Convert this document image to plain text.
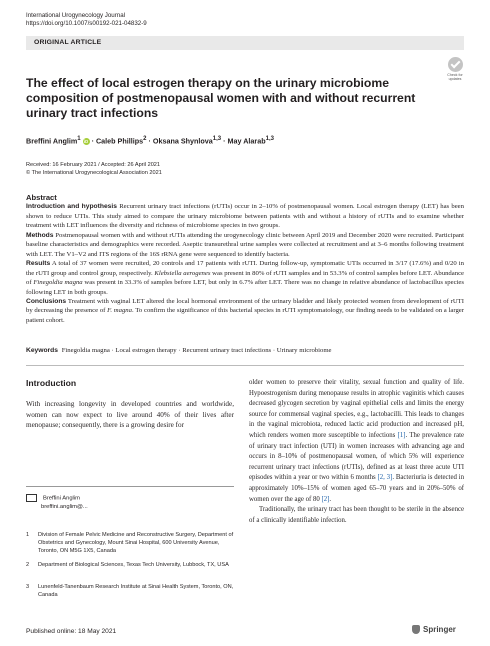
International Urogynecology Journal
https://doi.org/10.1007/s00192-021-04832-9
ORIGINAL ARTICLE
Check for updates
The effect of local estrogen therapy on the urinary microbiome composition of postmenopausal women with and without recurrent urinary tract infections
Breffini Anglim$^1$ iD · Caleb Phillips$^2$ · Oksana Shynlova$^{1,3}$ · May Alarab$^{1,3}$
Received: 16 February 2021 / Accepted: 26 April 2021
© The International Urogynecological Association 2021
Abstract

Introduction and hypothesis Recurrent urinary tract infections (rUTIs) occur in 2–10% of postmenopausal women. Local estrogen therapy (LET) has been shown to reduce UTIs. This study aimed to compare the urinary microbiome between patients with and without a history of rUTIs and to examine whether treatment with LET influences the diversity and richness of microbiome species in two groups.

Methods Postmenopausal women with and without rUTIs attending the urogynecology clinic between April 2019 and December 2020 were recruited. Participant baseline characteristics and demographics were recorded. Aseptic transurethral urine samples were collected at recruitment and at 3–6 months following treatment with LET. The V1–V2 and ITS regions of the 16S rRNA gene were sequenced to identify bacteria.

Results A total of 37 women were recruited, 20 controls and 17 patients with rUTI. During follow-up, symptomatic UTIs occurred in 3/17 (17.6%) and 0/20 in the rUTI group and control group, respectively. Klebsiella aerogenes was present in 80% of rUTI samples and in 53.3% of control samples before LET. Abundance of Finegoldia magna was present in 33.3% of samples before LET, but only in 6.7% after LET. There was no change in relative abundance of lactobacillus species following LET in both groups.

Conclusions Treatment with vaginal LET altered the local hormonal environment of the urinary bladder and likely protected women from development of rUTI by decreasing the presence of F. magna. To confirm the significance of this bacterial species in rUTI symptomatology, our finding needs to be validated on a larger patient cohort.

Keywords Finegoldia magna · Local estrogen therapy · Recurrent urinary tract infections · Urinary microbiome
Introduction
With increasing longevity in developed countries and worldwide, women can now expect to live around 40% of their lives after menopause; consequently, there is a growing desire for
Breffini Anglim
breffini.anglim@...
1 Division of Female Pelvic Medicine and Reconstructive Surgery, Department of Obstetrics and Gynecology, Mount Sinai Hospital, 600 University Avenue, Toronto, ON M5G 1X5, Canada
2 Department of Biological Sciences, Texas Tech University, Lubbock, TX, USA
3 Lunenfeld-Tanenbaum Research Institute at Sinai Health System, Toronto, ON, Canada
older women to preserve their vitality, sexual function and quality of life. Hypoestrogenism during menopause results in atrophic vaginitis which causes decreased glycogen secretion by vaginal epithelial cells and limits the energy source for commensal vaginal species, e.g., lactobacilli. This leads to changes in the vaginal microbiota, reduced lactic acid production and increased pH, which renders women more susceptible to infections [1]. The prevalence rate of urinary tract infection (UTI) in women increases with advancing age and occurs in 8–10% of postmenopausal women, of which 5% will experience recurrent urinary tract infections (rUTIs), defined as at least three acute UTI episodes within a year or two within 6 months [2, 3]. Bacteriuria is detected in approximately 10%–15% of women aged 65–70 years and in 20%–50% of women over the age of 80 [2].
Traditionally, the urinary tract has been thought to be sterile in the absence of a clinically identifiable infection.
Published online: 18 May 2021	Springer
